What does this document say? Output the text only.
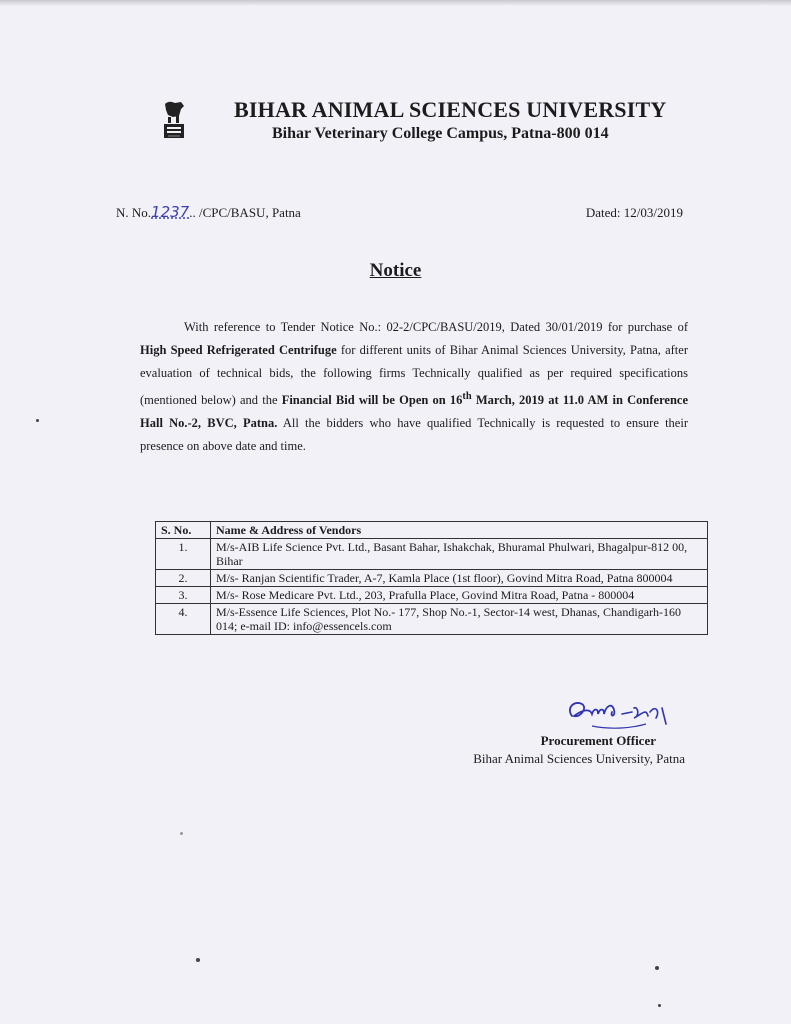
BIHAR ANIMAL SCIENCES UNIVERSITY
Bihar Veterinary College Campus, Patna-800 014
N. No.1237.. /CPC/BASU, Patna	Dated: 12/03/2019
Notice
With reference to Tender Notice No.: 02-2/CPC/BASU/2019, Dated 30/01/2019 for purchase of High Speed Refrigerated Centrifuge for different units of Bihar Animal Sciences University, Patna, after evaluation of technical bids, the following firms Technically qualified as per required specifications (mentioned below) and the Financial Bid will be Open on 16th March, 2019 at 11.0 AM in Conference Hall No.-2, BVC, Patna. All the bidders who have qualified Technically is requested to ensure their presence on above date and time.
S. No.	Name & Address of Vendors
1.	M/s-AIB Life Science Pvt. Ltd., Basant Bahar, Ishakchak, Bhuramal Phulwari, Bhagalpur-812 00, Bihar
2.	M/s- Ranjan Scientific Trader, A-7, Kamla Place (1st floor), Govind Mitra Road, Patna 800004
3.	M/s- Rose Medicare Pvt. Ltd., 203, Prafulla Place, Govind Mitra Road, Patna - 800004
4.	M/s-Essence Life Sciences, Plot No.- 177, Shop No.-1, Sector-14 west, Dhanas, Chandigarh-160 014; e-mail ID: info@essencels.com
Procurement Officer
Bihar Animal Sciences University, Patna
